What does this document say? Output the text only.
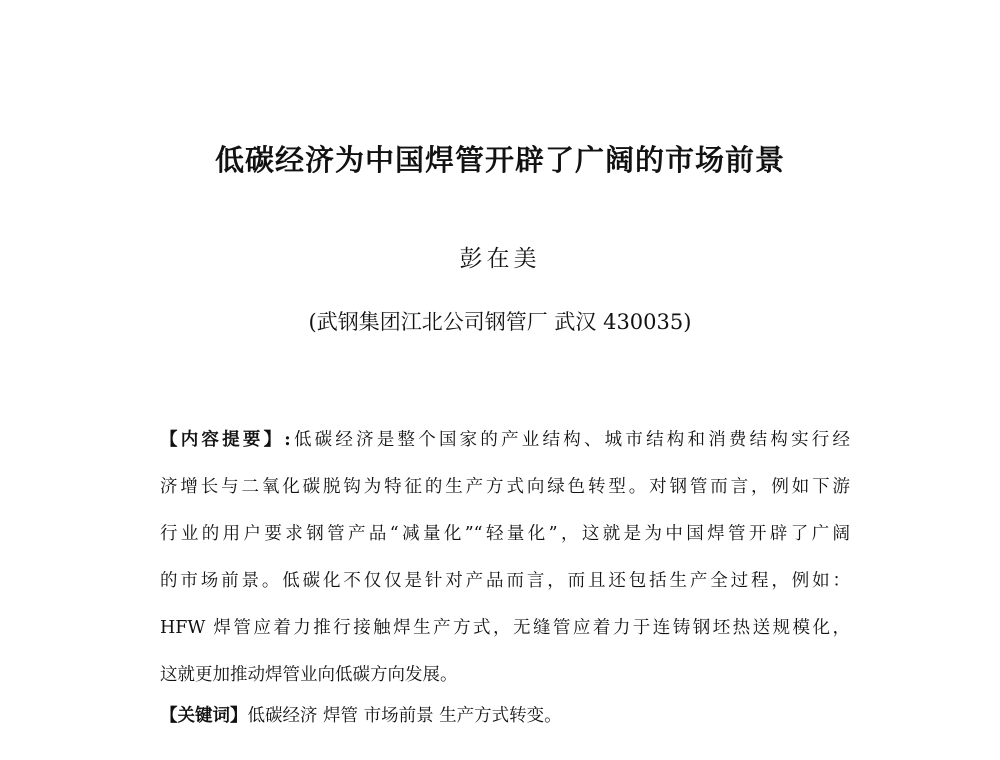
低碳经济为中国焊管开辟了广阔的市场前景
彭在美
(武钢集团江北公司钢管厂 武汉 430035)
【内容提要】:低碳经济是整个国家的产业结构、城市结构和消费结构实行经
济增长与二氧化碳脱钩为特征的生产方式向绿色转型。对钢管而言，例如下游
行业的用户要求钢管产品“减量化”“轻量化”，这就是为中国焊管开辟了广阔
的市场前景。低碳化不仅仅是针对产品而言，而且还包括生产全过程，例如：
HFW 焊管应着力推行接触焊生产方式，无缝管应着力于连铸钢坯热送规模化，
这就更加推动焊管业向低碳方向发展。
【关键词】低碳经济 焊管 市场前景 生产方式转变。
